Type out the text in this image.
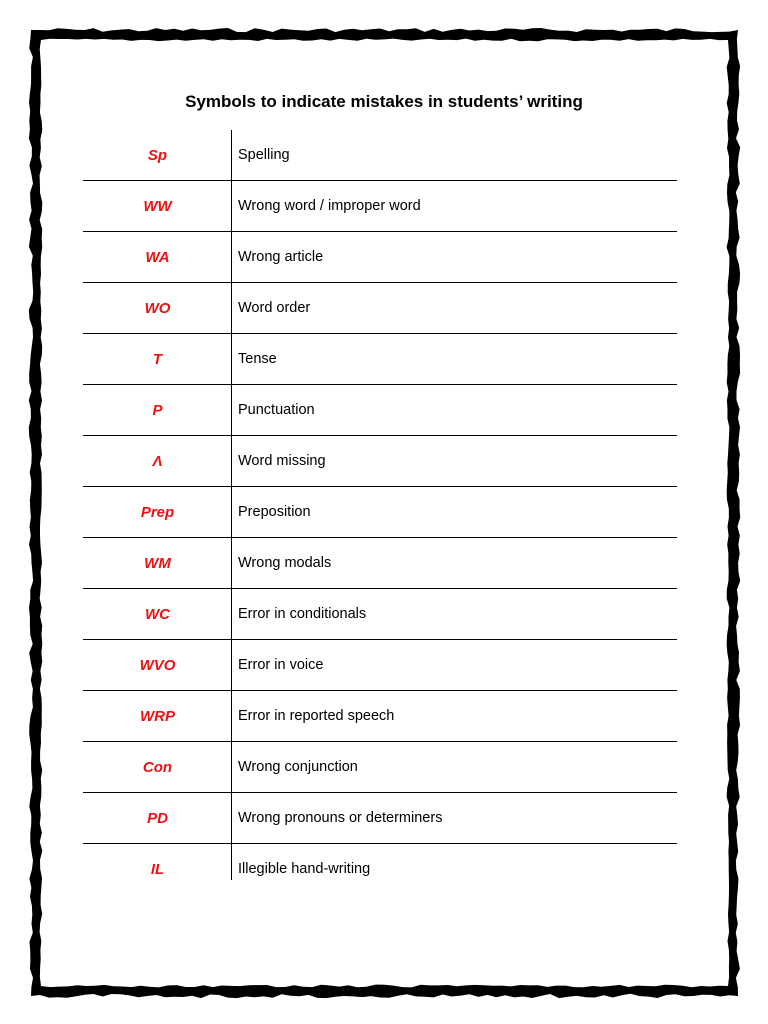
Symbols to indicate mistakes in students’ writing
Sp	Spelling
WW	Wrong word / improper word
WA	Wrong article
WO	Word order
T	Tense
P	Punctuation
Λ	Word missing
Prep	Preposition
WM	Wrong modals
WC	Error in conditionals
WVO	Error in voice
WRP	Error in reported speech
Con	Wrong conjunction
PD	Wrong pronouns or determiners
IL	Illegible hand-writing
